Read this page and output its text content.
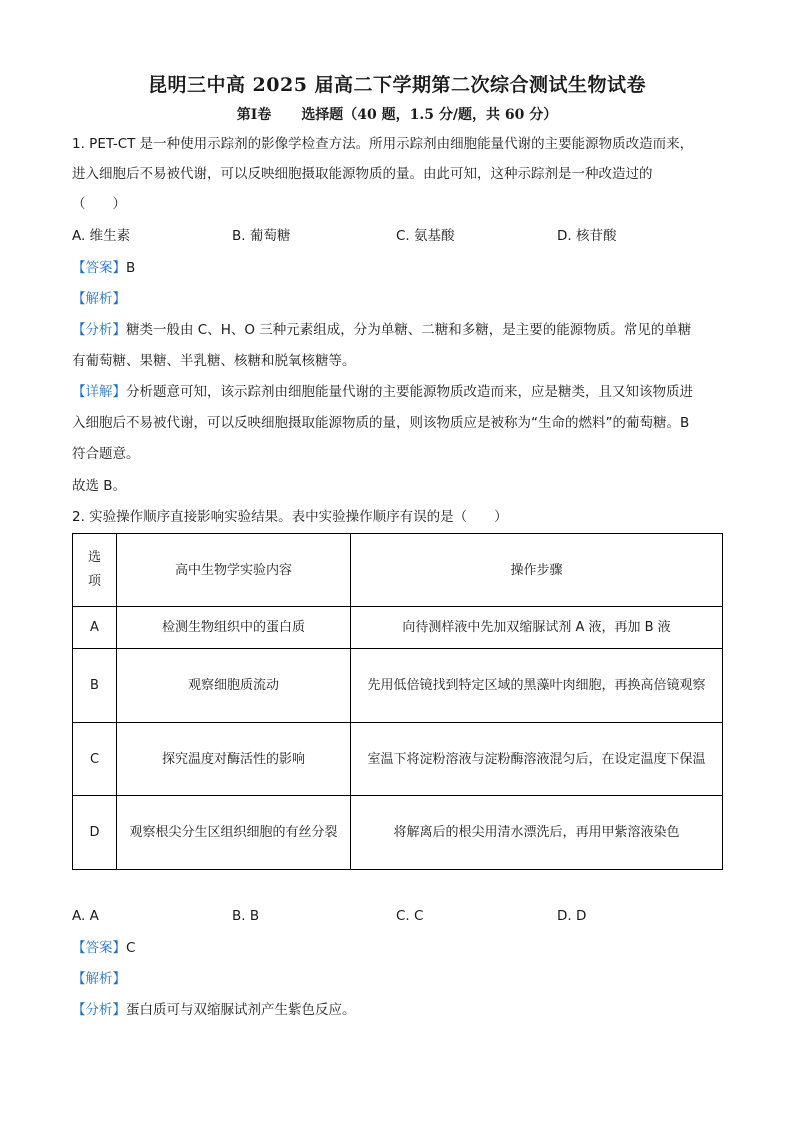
昆明三中高 2025 届高二下学期第二次综合测试生物试卷
第Ⅰ卷 选择题（40 题，1.5 分/题，共 60 分）
1. PET-CT 是一种使用示踪剂的影像学检查方法。所用示踪剂由细胞能量代谢的主要能源物质改造而来，
进入细胞后不易被代谢，可以反映细胞摄取能源物质的量。由此可知，这种示踪剂是一种改造过的
（　　）
A. 维生素	B. 葡萄糖	C. 氨基酸	D. 核苷酸
【答案】B
【解析】
【分析】糖类一般由 C、H、O 三种元素组成，分为单糖、二糖和多糖，是主要的能源物质。常见的单糖
有葡萄糖、果糖、半乳糖、核糖和脱氧核糖等。
【详解】分析题意可知，该示踪剂由细胞能量代谢的主要能源物质改造而来，应是糖类，且又知该物质进
入细胞后不易被代谢，可以反映细胞摄取能源物质的量，则该物质应是被称为“生命的燃料”的葡萄糖。B
符合题意。
故选 B。
2. 实验操作顺序直接影响实验结果。表中实验操作顺序有误的是（　　）
选项	高中生物学实验内容	操作步骤
A	检测生物组织中的蛋白质	向待测样液中先加双缩脲试剂 A 液，再加 B 液
B	观察细胞质流动	先用低倍镜找到特定区域的黑藻叶肉细胞，再换高倍镜观察
C	探究温度对酶活性的影响	室温下将淀粉溶液与淀粉酶溶液混匀后，在设定温度下保温
D	观察根尖分生区组织细胞的有丝分裂	将解离后的根尖用清水漂洗后，再用甲紫溶液染色
A. A	B. B	C. C	D. D
【答案】C
【解析】
【分析】蛋白质可与双缩脲试剂产生紫色反应。
